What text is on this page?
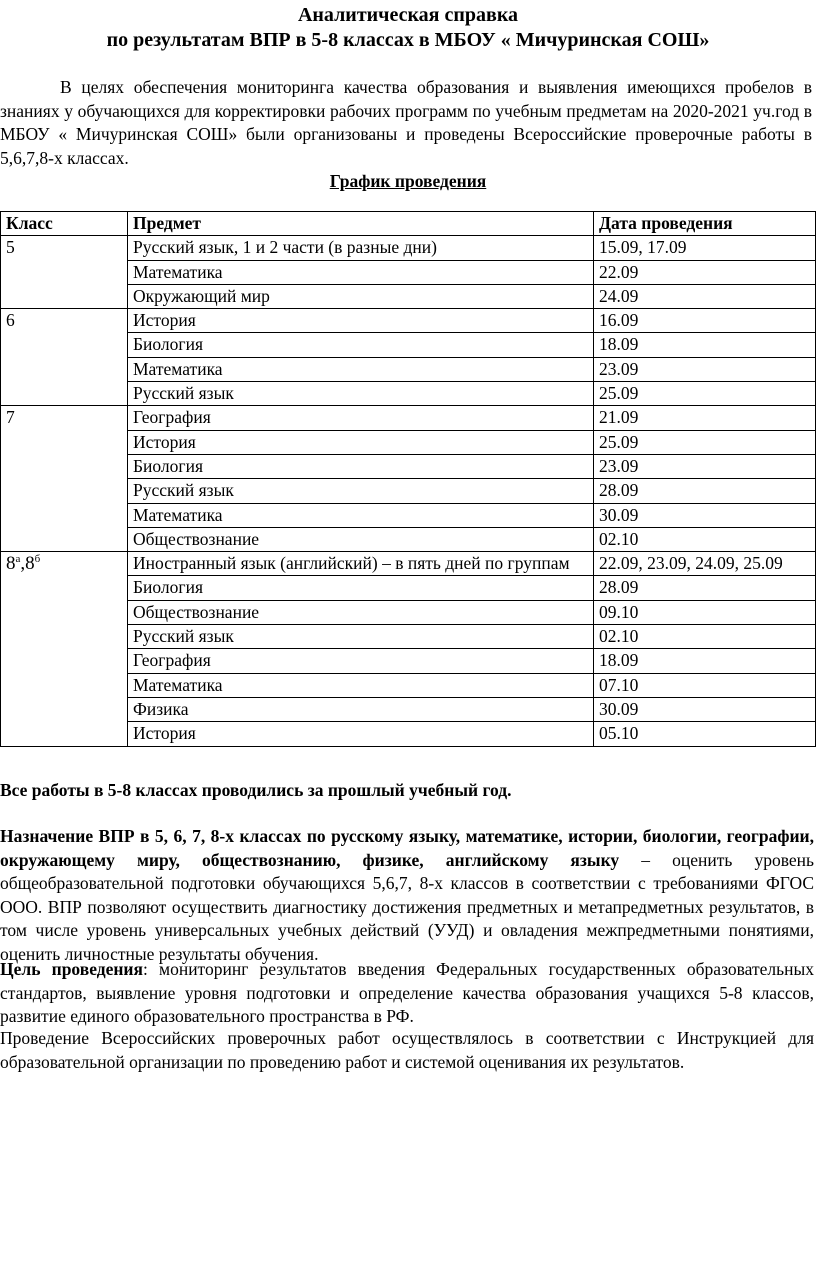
Аналитическая справка

по результатам ВПР в 5-8 классах в МБОУ « Мичуринская СОШ»

В целях обеспечения мониторинга качества образования и выявления имеющихся пробелов в знаниях у обучающихся для корректировки рабочих программ по учебным предметам на 2020-2021 уч.год в МБОУ « Мичуринская СОШ» были организованы и проведены Всероссийские проверочные работы в 5,6,7,8-х классах.

График проведения

Класс	Предмет	Дата проведения
5	Русский язык, 1 и 2 части (в разные дни)	15.09, 17.09
	Математика	22.09
	Окружающий мир	24.09
6	История	16.09
	Биология	18.09
	Математика	23.09
	Русский язык	25.09
7	География	21.09
	История	25.09
	Биология	23.09
	Русский язык	28.09
	Математика	30.09
	Обществознание	02.10
$8^а,8^б$	Иностранный язык (английский) – в пять дней по группам	22.09, 23.09, 24.09, 25.09
	Биология	28.09
	Обществознание	09.10
	Русский язык	02.10
	География	18.09
	Математика	07.10
	Физика	30.09
	История	05.10

Все работы в 5-8 классах проводились за прошлый учебный год.

Назначение ВПР в 5, 6, 7, 8-х классах по русскому языку, математике, истории, биологии, географии, окружающему миру, обществознанию, физике, английскому языку – оценить уровень общеобразовательной подготовки обучающихся 5,6,7, 8-х классов в соответствии с требованиями ФГОС ООО. ВПР позволяют осуществить диагностику достижения предметных и метапредметных результатов, в том числе уровень универсальных учебных действий (УУД) и овладения межпредметными понятиями, оценить личностные результаты обучения.

Цель проведения: мониторинг результатов введения Федеральных государственных образовательных стандартов, выявление уровня подготовки и определение качества образования учащихся 5-8 классов, развитие единого образовательного пространства в РФ.

Проведение Всероссийских проверочных работ осуществлялось в соответствии с Инструкцией для образовательной организации по проведению работ и системой оценивания их результатов.
